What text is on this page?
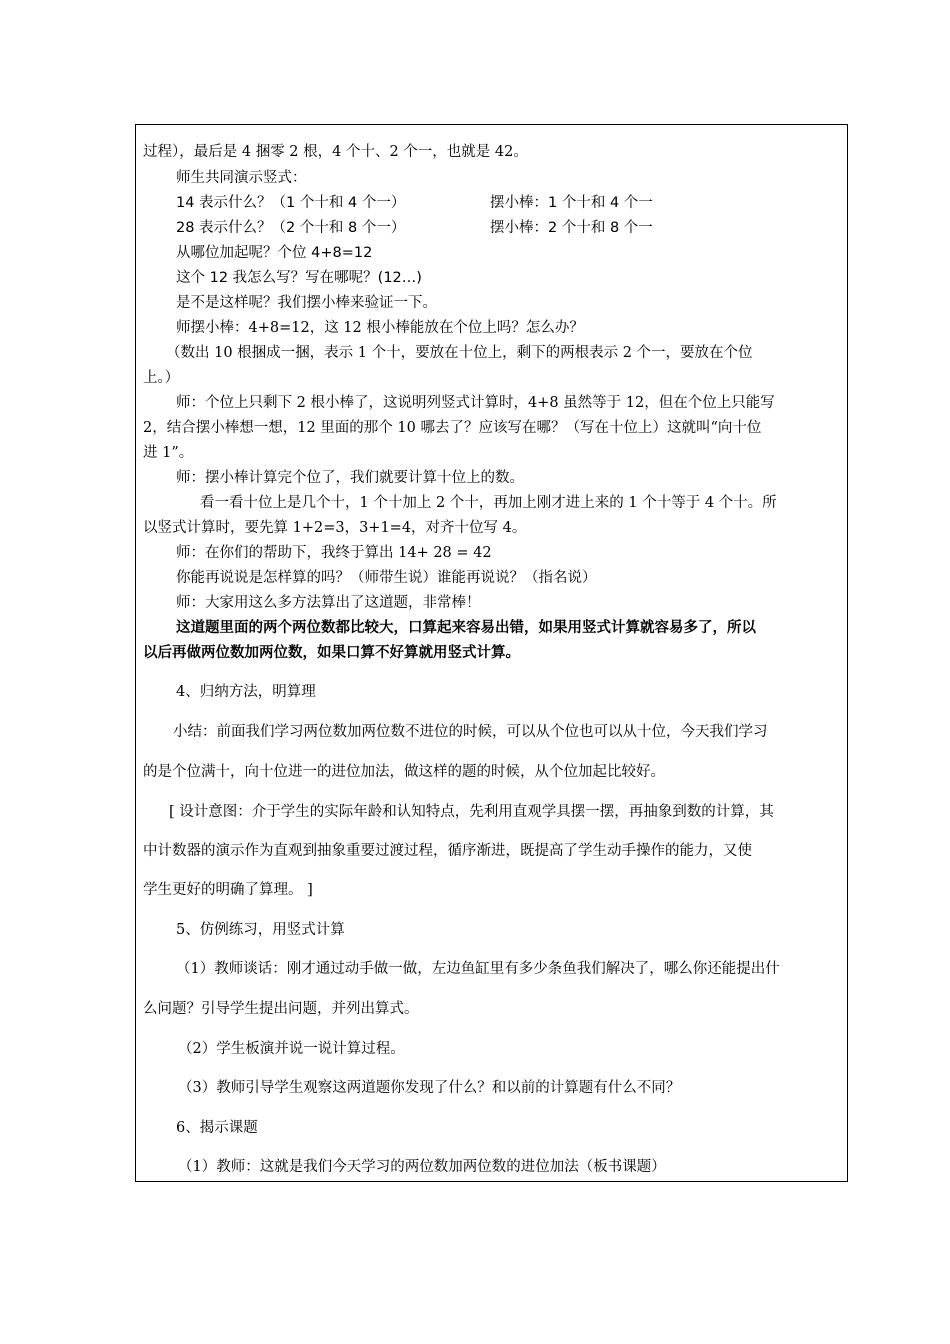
过程），最后是 4 捆零 2 根，4 个十、2 个一，也就是 42。
师生共同演示竖式：
14 表示什么？（1 个十和 4 个一）	摆小棒：1 个十和 4 个一
28 表示什么？（2 个十和 8 个一）	摆小棒：2 个十和 8 个一
从哪位加起呢？个位 4+8=12
这个 12 我怎么写？写在哪呢？(12…)
是不是这样呢？我们摆小棒来验证一下。
师摆小棒：4+8=12，这 12 根小棒能放在个位上吗？怎么办？
（数出 10 根捆成一捆，表示 1 个十，要放在十位上，剩下的两根表示 2 个一，要放在个位
上。）
师：个位上只剩下 2 根小棒了，这说明列竖式计算时，4+8 虽然等于 12，但在个位上只能写
2，结合摆小棒想一想，12 里面的那个 10 哪去了？应该写在哪？（写在十位上）这就叫“向十位
进 1”。
师：摆小棒计算完个位了，我们就要计算十位上的数。
看一看十位上是几个十，1 个十加上 2 个十，再加上刚才进上来的 1 个十等于 4 个十。所
以竖式计算时，要先算 1+2=3，3+1=4，对齐十位写 4。
师：在你们的帮助下，我终于算出 14+ 28 = 42
你能再说说是怎样算的吗？（师带生说）谁能再说说？（指名说）
师：大家用这么多方法算出了这道题，非常棒！
这道题里面的两个两位数都比较大，口算起来容易出错，如果用竖式计算就容易多了，所以
以后再做两位数加两位数，如果口算不好算就用竖式计算。
4、归纳方法，明算理
小结：前面我们学习两位数加两位数不进位的时候，可以从个位也可以从十位，今天我们学习
的是个位满十，向十位进一的进位加法，做这样的题的时候，从个位加起比较好。
[ 设计意图：介于学生的实际年龄和认知特点，先利用直观学具摆一摆，再抽象到数的计算，其
中计数器的演示作为直观到抽象重要过渡过程，循序渐进，既提高了学生动手操作的能力，又使
学生更好的明确了算理。 ]
5、仿例练习，用竖式计算
（1）教师谈话：刚才通过动手做一做，左边鱼缸里有多少条鱼我们解决了，哪么你还能提出什
么问题？引导学生提出问题，并列出算式。
（2）学生板演并说一说计算过程。
（3）教师引导学生观察这两道题你发现了什么？和以前的计算题有什么不同？
6、揭示课题
（1）教师：这就是我们今天学习的两位数加两位数的进位加法（板书课题）
